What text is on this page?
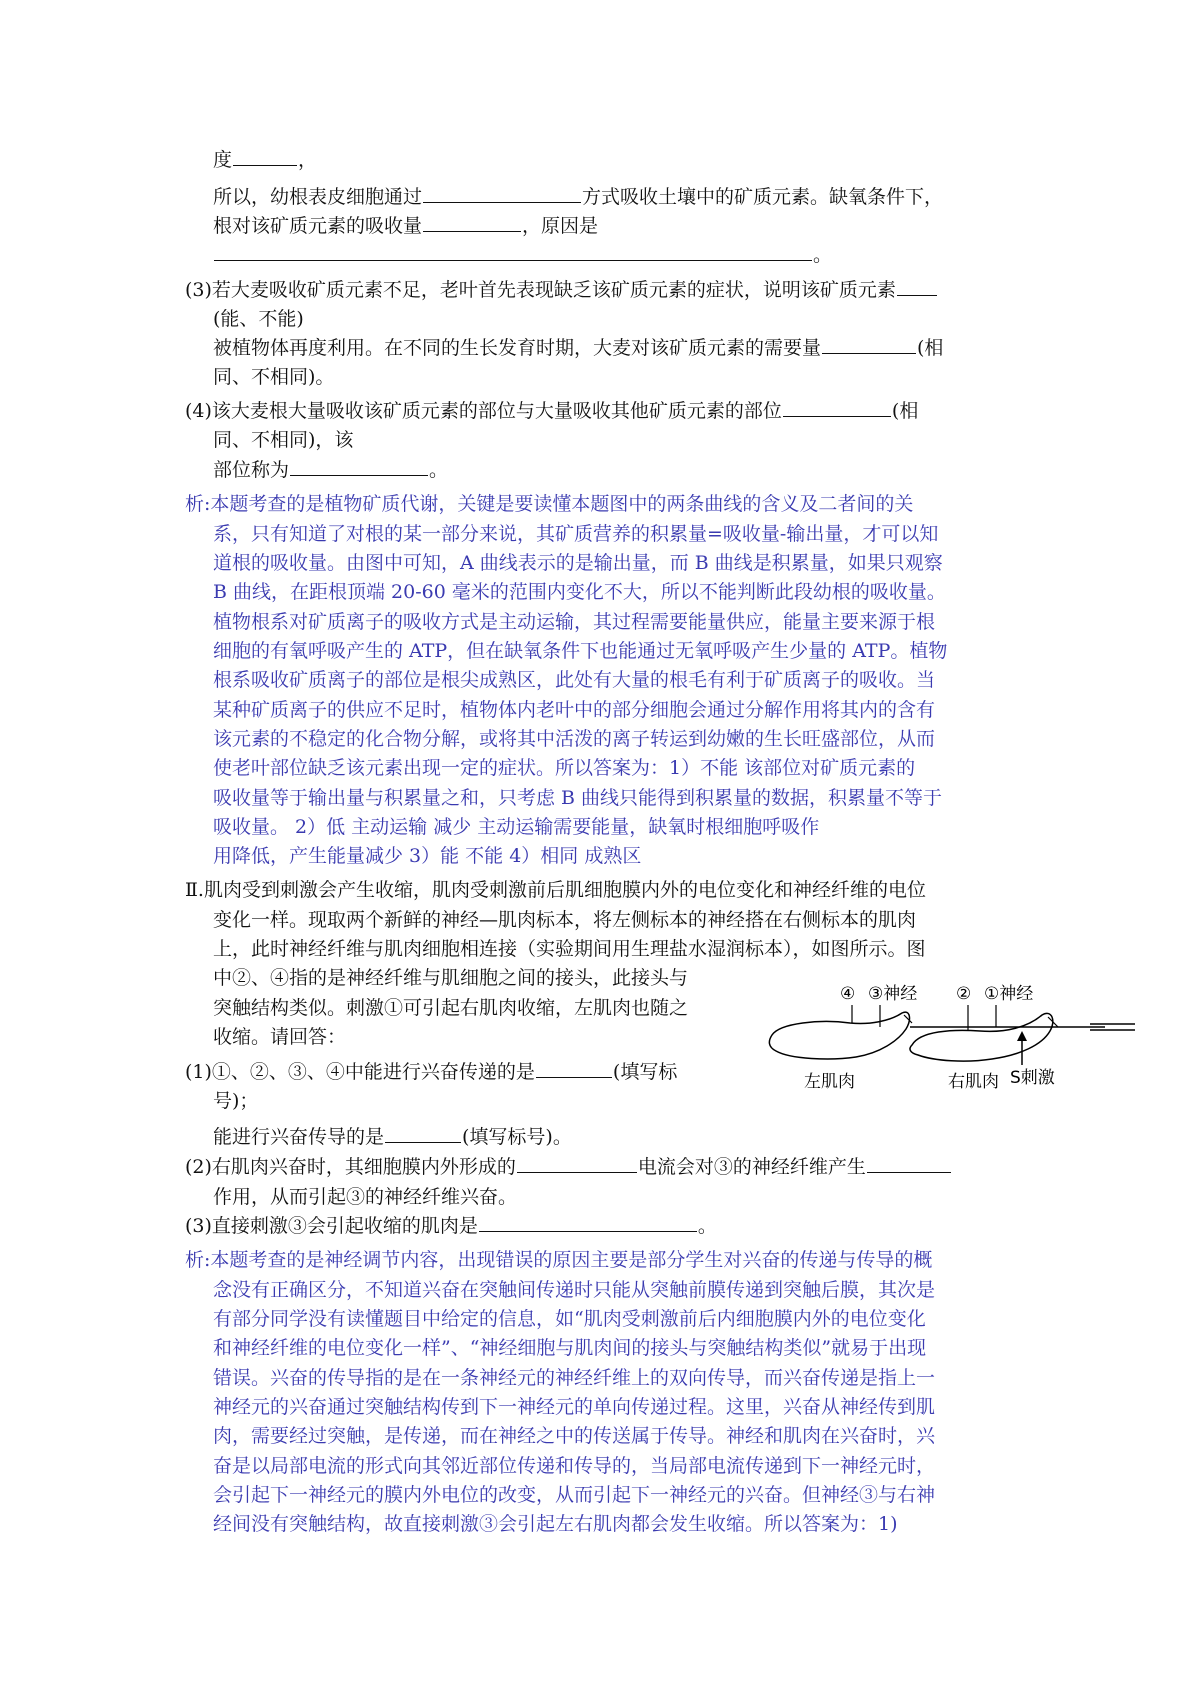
度	，
所以，幼根表皮细胞通过	方式吸收土壤中的矿质元素。缺氧条件下，
根对该矿质元素的吸收量	，原因是
。
(3)若大麦吸收矿质元素不足，老叶首先表现缺乏该矿质元素的症状，说明该矿质元素
(能、不能)
被植物体再度利用。在不同的生长发育时期，大麦对该矿质元素的需要量	(相
同、不相同)。
(4)该大麦根大量吸收该矿质元素的部位与大量吸收其他矿质元素的部位	(相
同、不相同)，该
部位称为	。
析:本题考查的是植物矿质代谢，关键是要读懂本题图中的两条曲线的含义及二者间的关
系，只有知道了对根的某一部分来说，其矿质营养的积累量=吸收量-输出量，才可以知
道根的吸收量。由图中可知，A 曲线表示的是输出量，而 B 曲线是积累量，如果只观察
B 曲线，在距根顶端 20-60 毫米的范围内变化不大，所以不能判断此段幼根的吸收量。
植物根系对矿质离子的吸收方式是主动运输，其过程需要能量供应，能量主要来源于根
细胞的有氧呼吸产生的 ATP，但在缺氧条件下也能通过无氧呼吸产生少量的 ATP。植物
根系吸收矿质离子的部位是根尖成熟区，此处有大量的根毛有利于矿质离子的吸收。当
某种矿质离子的供应不足时，植物体内老叶中的部分细胞会通过分解作用将其内的含有
该元素的不稳定的化合物分解，或将其中活泼的离子转运到幼嫩的生长旺盛部位，从而
使老叶部位缺乏该元素出现一定的症状。所以答案为：1）不能 该部位对矿质元素的
吸收量等于输出量与积累量之和，只考虑 B 曲线只能得到积累量的数据，积累量不等于
吸收量。 2）低 主动运输 减少 主动运输需要能量，缺氧时根细胞呼吸作
用降低，产生能量减少 3）能 不能 4）相同 成熟区
Ⅱ.肌肉受到刺激会产生收缩，肌肉受刺激前后肌细胞膜内外的电位变化和神经纤维的电位
变化一样。现取两个新鲜的神经—肌肉标本，将左侧标本的神经搭在右侧标本的肌肉
上，此时神经纤维与肌肉细胞相连接（实验期间用生理盐水湿润标本），如图所示。图
中②、④指的是神经纤维与肌细胞之间的接头，此接头与
突触结构类似。刺激①可引起右肌肉收缩，左肌肉也随之
收缩。请回答：
④ ③神经 ② ①神经
左肌肉	右肌肉 S刺激
(1)①、②、③、④中能进行兴奋传递的是	(填写标
号)；
能进行兴奋传导的是	(填写标号)。
(2)右肌肉兴奋时，其细胞膜内外形成的	电流会对③的神经纤维产生
作用，从而引起③的神经纤维兴奋。
(3)直接刺激③会引起收缩的肌肉是	。
析:本题考查的是神经调节内容，出现错误的原因主要是部分学生对兴奋的传递与传导的概
念没有正确区分，不知道兴奋在突触间传递时只能从突触前膜传递到突触后膜，其次是
有部分同学没有读懂题目中给定的信息，如“肌肉受刺激前后内细胞膜内外的电位变化
和神经纤维的电位变化一样”、“神经细胞与肌肉间的接头与突触结构类似”就易于出现
错误。兴奋的传导指的是在一条神经元的神经纤维上的双向传导，而兴奋传递是指上一
神经元的兴奋通过突触结构传到下一神经元的单向传递过程。这里，兴奋从神经传到肌
肉，需要经过突触，是传递，而在神经之中的传送属于传导。神经和肌肉在兴奋时，兴
奋是以局部电流的形式向其邻近部位传递和传导的，当局部电流传递到下一神经元时，
会引起下一神经元的膜内外电位的改变，从而引起下一神经元的兴奋。但神经③与右神
经间没有突触结构，故直接刺激③会引起左右肌肉都会发生收缩。所以答案为：1)
